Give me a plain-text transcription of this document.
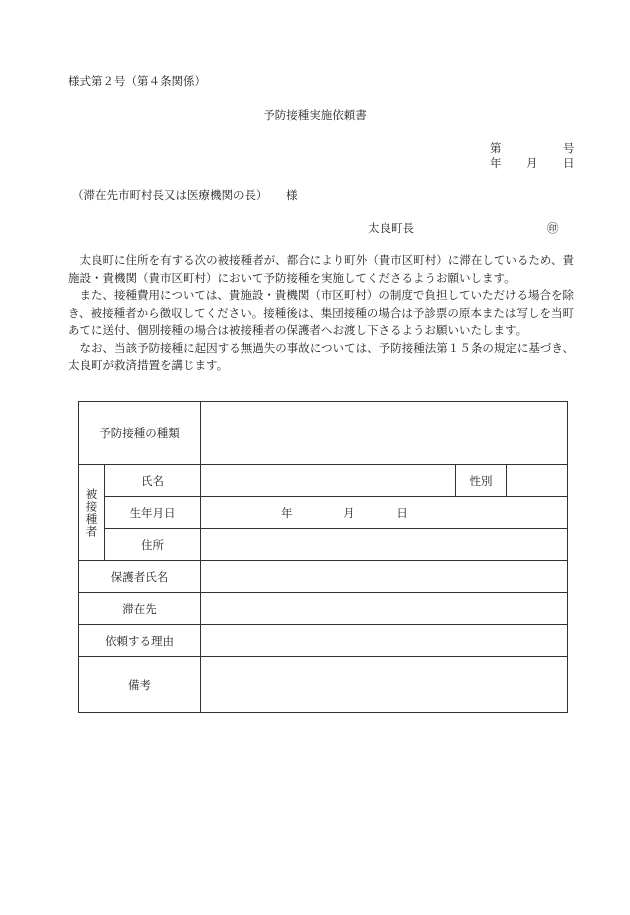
様式第２号（第４条関係）
予防接種実施依頼書
第	号
年 月 日
（滞在先市町村長又は医療機関の長） 様
太良町長	㊞

太良町に住所を有する次の被接種者が、都合により町外（貴市区町村）に滞在しているため、貴施設・貴機関（貴市区町村）において予防接種を実施してくださるようお願いします。

また、接種費用については、貴施設・貴機関（市区町村）の制度で負担していただける場合を除き、被接種者から徴収してください。接種後は、集団接種の場合は予診票の原本または写しを当町あてに送付、個別接種の場合は被接種者の保護者へお渡し下さるようお願いいたします。

なお、当該予防接種に起因する無過失の事故については、予防接種法第１５条の規定に基づき、太良町が救済措置を講じます。

予防接種の種類				

被接種者	氏名		性別	
	生年月日	年 月 日		
	住所			
保護者氏名				
滞在先				
依頼する理由				
備考				
